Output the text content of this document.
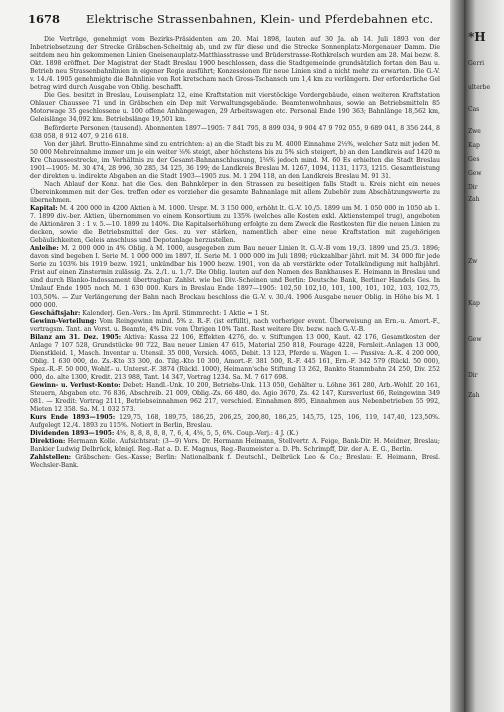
1678 Elektrische Strassenbahnen, Klein- und Pferdebahnen etc.

Die Verträge, genehmigt vom Bezirks-Präsidenten am 20. Mai 1898, lauten auf 30 Ja. ab 14. Juli 1893 von der Inbetriebsetzung der Strecke Gräbschen-Scheitnig ab, und zw für diese und die Strecke Sonnenplatz-Morgenauer Damm. Die seitdem neu hin gekommenen Linien Gneisenauplatz-Matthiasstrasse und Brüderstrasse-Rothkrelsch wurden am 28. Mai bezw. 8. Okt. 1898 eröffnet. Der Magistrat der Stadt Breslau 1900 beschlossen, dass die Stadtgemeinde grundsätzlich fortan den Bau u. Betrieb neu Strassenbahnlinien in eigener Regie ausführt; Konzessionen für neue Linien sind a nicht mehr zu erwarten. Die G.-V. v. 14./4. 1905 genehmigte die Bahnlinie von Rot kretscham nach Gross-Tschansch um 1,4 km zu verlängern. Der erforderliche Gel betrag wird durch Ausgabe von Oblig. beschafft.

Die Ges. besitzt in Breslau, Louisenplatz 12, eine Kraftstation mit vierstöckige Vordergebäude, einen weiteren Kraftstation Ohlauer Chaussee 71 und in Gräbschen ein Dep mit Verwaltungsgebäude. Beamtenwohnhaus, sowie an Betriebsmitteln 85 Motorwage 35 geschlossene u. 100 offene Anhängewagen, 29 Arbeitswagen etc. Personal Ende 190 363; Bahnlänge 18,562 km, Geleislänge 34,092 km. Betriebslänge 19,501 km.

Beförderte Personen (tausend). Abonnenten 1897—1905: 7 841 795, 8 899 034, 9 904 47 9 792 055, 9 689 041, 8 356 244, 8 638 058, 8 912 407, 9 216 618.

Von der jährl. Brutto-Einnahme sind zu entrichten: a) an die Stadt bis zu M. 4000 Einnahme 2⅓%, welcher Satz mit jeden M. 50 000 Mehreinnahme immer um je ein weiter ⅛% steigt, aber höchstens bis zu 5% sich steigert, b) an den Landkreis auf 1420 m Kre Chausseestrecke, im Verhältnis zu der Gesamt-Bahnanschlussung, 1⅝% jedoch mind. M. 60 Es erhielten die Stadt Breslau 1901—1905: M. 30 474, 28 996, 30 285, 34 125, 36 199; de Landkreis Breslau M. 1267, 1094, 1131, 1173, 1215. Gesamtleistung der direkten u. indirekte Abgaben an die Stadt 1903—1905 zus. M. 1 294 118, an den Landkreis Breslau M. 91 31.

Nach Ablauf der Konz. hat die Ges. den Bahnkörper in den Strassen zu beseitigen falls Stadt u. Kreis nicht ein neues Übereinkommen mit der Ges. treffen oder es vorzieher die gesamte Bahnanlage mit allem Zubehör zum Abschätzungswerte zu übernehmen.

Kapital: M. 4 200 000 in 4200 Aktien à M. 1000. Urspr. M. 3 150 000, erhöht lt. G.-V. 10./5. 1899 um M. 1 050 000 in 1050 ab 1. 7. 1899 div.-ber. Aktien, übernommen vo einem Konsortium zu 135% (welches alle Kosten exkl. Aktienstempel trug), angeboten de Aktionären 3 : 1 v. 5.—10. 1899 zu 140%. Die Kapitalserhöhung erfolgte zu dem Zweck die Restkosten für die neuen Linien zu decken, sowie die Betriebsmittel der Ges. zu ver stärken, namentlich aber eine neue Kraftstation mit zugehörigen Gebäulichkeiten, Geleis anschluss und Depotanlage herzustellen.

Anleihe: M. 2 000 000 in 4% Oblig. à M. 1000, ausgegeben zum Bau neuer Linien lt. G.-V.-B vom 19./3. 1899 und 25./3. 1896; davon sind begeben I. Serie M. 1 000 000 im 1897, II. Serie M. 1 000 000 im Juli 1898; rückzahlbar jährl. mit M. 34 000 für jede Serie zu 103% bis 1919 bezw. 1921, unkündbar bis 1900 bezw. 1901, von da ab verstärkte oder Totalkündigung mit halbjährl. Frist auf einen Zinstermin zulässig. Zs. 2./1. u. 1./7. Die Oblig. lauten auf den Namen des Bankhauses E. Heimann in Breslau und sind durch Blanko-Indossament übertragbar. Zahlst. wie bei Div.-Scheinen und Berlin: Deutsche Bank, Berliner Handels Ges. In Umlauf Ende 1905 noch M. 1 630 000. Kurs in Breslau Ende 1897—1905: 102,50 102,10, 101, 100, 101, 102, 103, 102,75, 103,50%. — Zur Verlängerung der Bahn nach Brockau beschloss die G.-V. v. 30./4. 1906 Ausgabe neuer Oblig. in Höhe bis M. 1 000 000.

Geschäftsjahr: Kalenderj. Gen.-Vers.: Im April. Stimmrecht: 1 Aktie = 1 St.

Gewinn-Verteilung: Vom Reingewinn mind. 5% z. R.-F. (ist erfüllt), nach vorheriger event. Überweisung an Ern.-u. Amort.-F., vertragsm. Tant. an Vorst. u. Beamte, 4% Div. vom Übrigen 10% Tant. Rest weitere Div. bezw. nach G.-V.-B.

Bilanz am 31. Dez. 1905: Aktiva: Kassa 22 106, Effekten 4276, do. v. Stiftungen 13 000, Kaut. 42 176, Gesamtkosten der Anlage 7 107 528, Grundstücke 90 722, Bau neuer Linien 47 615, Material 250 818, Fourage 4228, Fernleit.-Anlagen 13 000, Dienstkleid. 1, Masch. Inventar u. Utensil. 35 000, Versich. 4065, Debit. 13 123, Pferde u. Wagen 1. — Passiva: A.-K. 4 200 000, Oblig. 1 630 000, do. Zs.-Kto 33 300, do. Tilg.-Kto 10 300, Amort.-F. 381 500, R.-F. 445 161, Ern.-F. 342 579 (Rückl. 50 000), Spez.-R.-F. 50 000, Wohlf.- u. Unterst.-F. 3874 (Rückl. 1000), Heimann'sche Stiftung 13 262, Bankto Stammbahn 24 250, Div. 252 000, do. alte 1300, Kredit. 213 988, Tant. 14 347, Vortrag 1234. Sa. M. 7 617 698.

Gewinn- u. Verlust-Konto: Debet: Handl.-Unk. 10 200, Betriebs-Unk. 113 050, Gehälter u. Löhne 361 280, Arb.-Wohlf. 20 161, Steuern, Abgaben etc. 76 836, Abschreib. 21 009, Oblig.-Zs. 66 480, do. Agio 3670, Zs. 42 147, Kursverlust 66, Reingewinn 349 081. — Kredit: Vortrag 2111, Betriebseinnahmen 962 217, verschied. Einnahmen 895, Einnahmen aus Nebenbetrieben 55 992, Mieten 12 358. Sa. M. 1 032 573.

Kurs Ende 1893—1905: 129,75, 168, 189,75, 186,25, 206,25, 200,80, 186,25, 145,75, 125, 106, 119, 147,40, 123,50%. Aufgelegt 12./4. 1893 zu 115%. Notiert in Berlin, Breslau.

Dividenden 1893—1905: 4⅝, 8, 8, 8, 8, 8, 7, 6, 4, 4⅝, 5, 5, 6%. Coup.-Verj.: 4 J. (K.)

Direktion: Hermann Kolle. Aufsichtsrat: (3—9) Vors. Dr. Hermann Heimann, Stellvertr. A. Feige, Bank-Dir. H. Meidner, Breslau; Bankier Ludwig Delbrück, königl. Reg.-Rat a. D. E. Magnus, Reg.-Baumeister a. D. Ph. Schrimpff, Dir. der A. E. G., Berlin.

Zahlstellen: Gräbschen: Ges.-Kasse; Berlin: Nationalbank f. Deutschl., Delbrück Leo & Co.; Breslau: E. Heimann, Bresl. Wechsler-Bank.

*H
Gerri
ulterbe
Cas
Zwe
Kap
Ges
Gew
Dir
Zah
Zw
Kap
Gew
Dir
Zah
